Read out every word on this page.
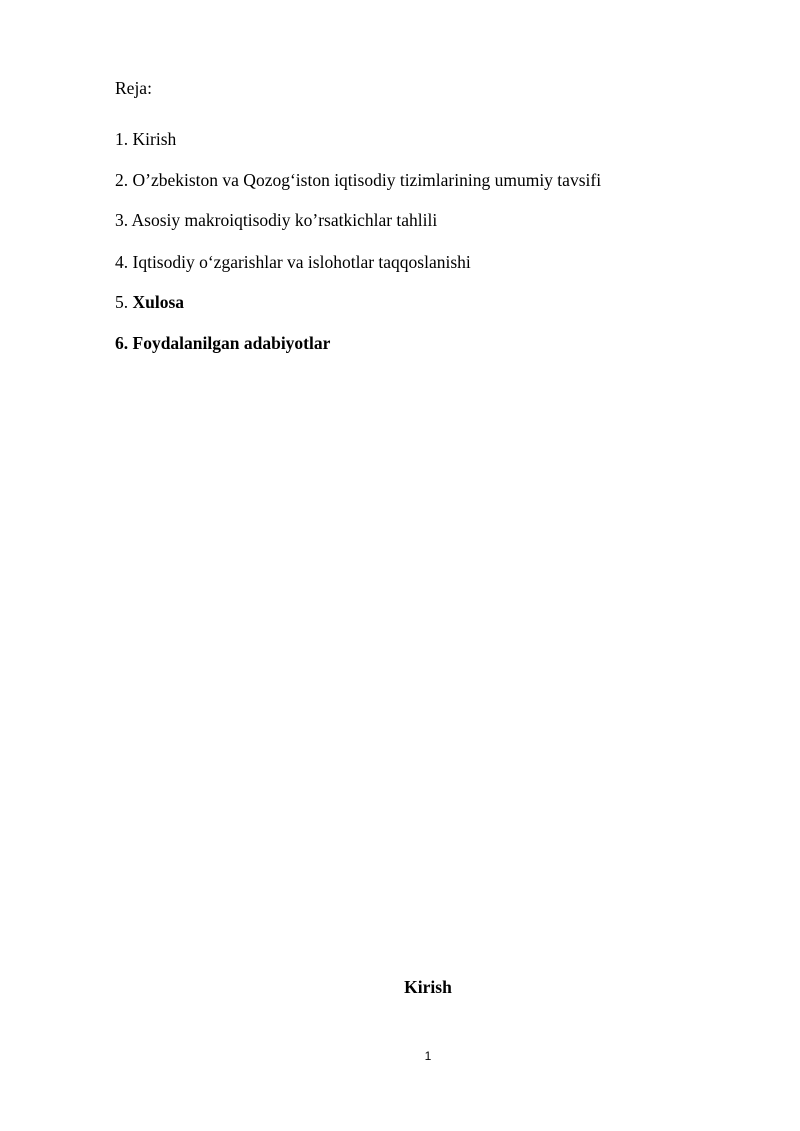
Reja:
1. Kirish
2. O’zbekiston va Qozog‘iston iqtisodiy tizimlarining umumiy tavsifi
3. Asosiy makroiqtisodiy ko’rsatkichlar tahlili
4. Iqtisodiy o‘zgarishlar va islohotlar taqqoslanishi
5. Xulosa
6. Foydalanilgan adabiyotlar
Kirish
1
